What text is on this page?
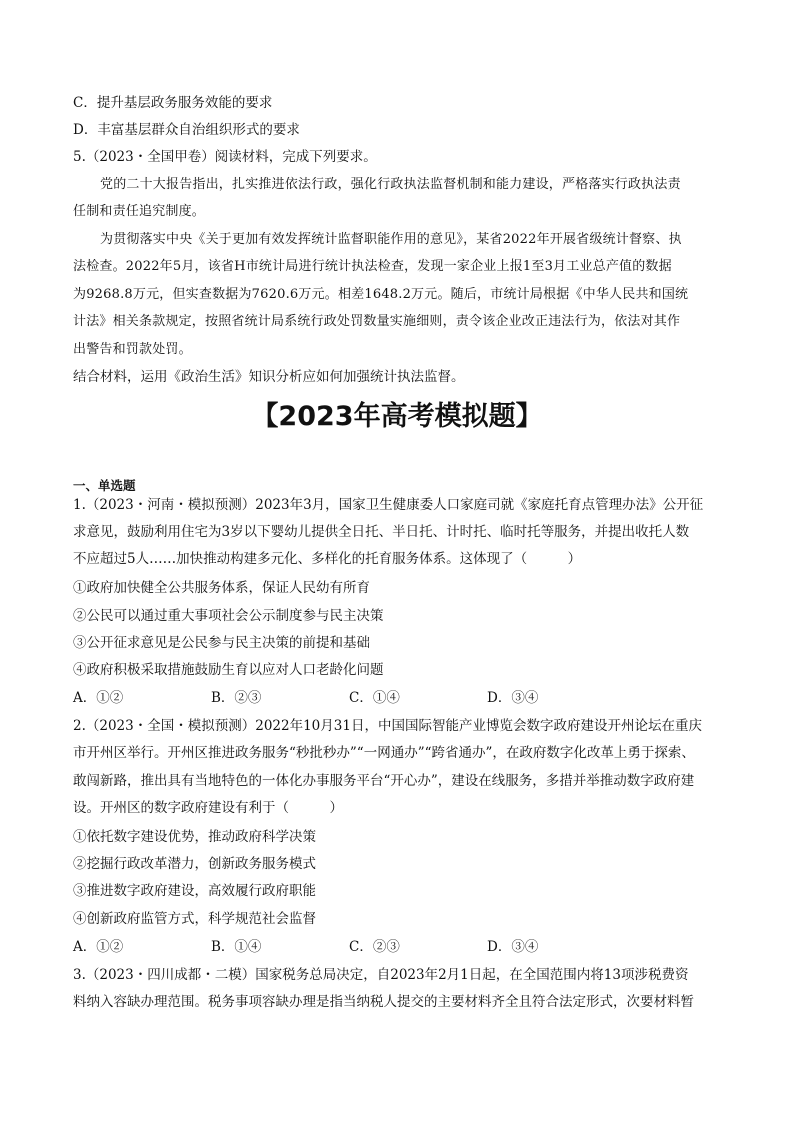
C．提升基层政务服务效能的要求
D．丰富基层群众自治组织形式的要求
5.（2023・全国甲卷）阅读材料，完成下列要求。
党的二十大报告指出，扎实推进依法行政，强化行政执法监督机制和能力建设，严格落实行政执法责
任制和责任追究制度。
为贯彻落实中央《关于更加有效发挥统计监督职能作用的意见》，某省2022年开展省级统计督察、执
法检查。2022年5月，该省H市统计局进行统计执法检查，发现一家企业上报1至3月工业总产值的数据
为9268.8万元，但实查数据为7620.6万元。相差1648.2万元。随后，市统计局根据《中华人民共和国统
计法》相关条款规定，按照省统计局系统行政处罚数量实施细则，责令该企业改正违法行为，依法对其作
出警告和罚款处罚。
结合材料，运用《政治生活》知识分析应如何加强统计执法监督。
【2023年高考模拟题】
一、单选题
1.（2023・河南・模拟预测）2023年3月，国家卫生健康委人口家庭司就《家庭托育点管理办法》公开征
求意见，鼓励利用住宅为3岁以下婴幼儿提供全日托、半日托、计时托、临时托等服务，并提出收托人数
不应超过5人……加快推动构建多元化、多样化的托育服务体系。这体现了（　　　）
①政府加快健全公共服务体系，保证人民幼有所育
②公民可以通过重大事项社会公示制度参与民主决策
③公开征求意见是公民参与民主决策的前提和基础
④政府积极采取措施鼓励生育以应对人口老龄化问题
A．①②	B．②③	C．①④	D．③④
2.（2023・全国・模拟预测）2022年10月31日，中国国际智能产业博览会数字政府建设开州论坛在重庆
市开州区举行。开州区推进政务服务“秒批秒办”“一网通办”“跨省通办”，在政府数字化改革上勇于探索、
敢闯新路，推出具有当地特色的一体化办事服务平台“开心办”，建设在线服务，多措并举推动数字政府建
设。开州区的数字政府建设有利于（　　　）
①依托数字建设优势，推动政府科学决策
②挖掘行政改革潜力，创新政务服务模式
③推进数字政府建设，高效履行政府职能
④创新政府监管方式，科学规范社会监督
A．①②	B．①④	C．②③	D．③④
3.（2023・四川成都・二模）国家税务总局决定，自2023年2月1日起，在全国范围内将13项涉税费资
料纳入容缺办理范围。税务事项容缺办理是指当纳税人提交的主要材料齐全且符合法定形式，次要材料暂
